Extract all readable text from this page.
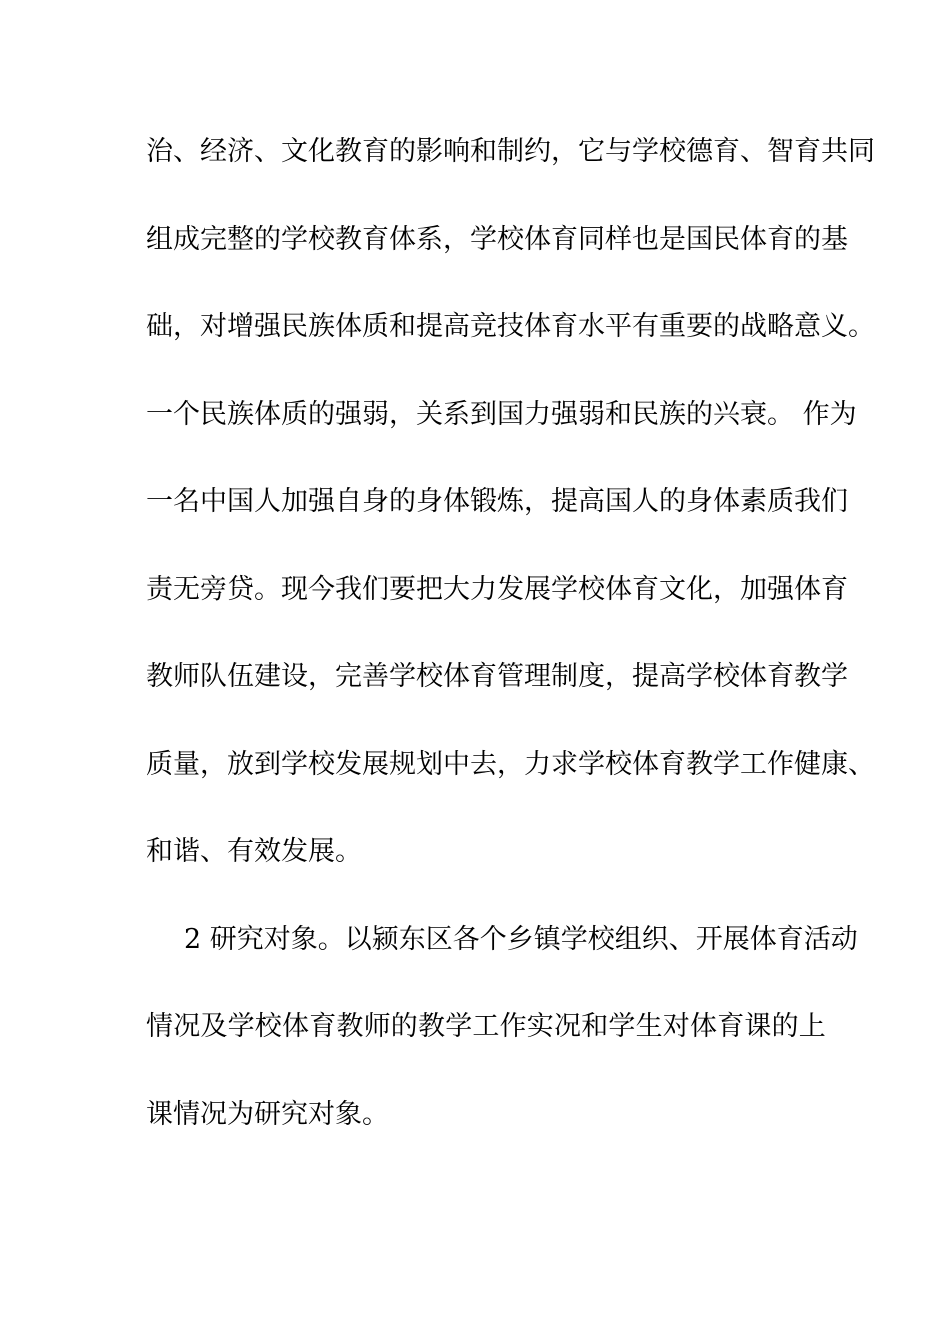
治、经济、文化教育的影响和制约，它与学校德育、智育共同
组成完整的学校教育体系，学校体育同样也是国民体育的基
础，对增强民族体质和提高竞技体育水平有重要的战略意义。
一个民族体质的强弱，关系到国力强弱和民族的兴衰。 作为
一名中国人加强自身的身体锻炼，提高国人的身体素质我们
责无旁贷。现今我们要把大力发展学校体育文化，加强体育
教师队伍建设，完善学校体育管理制度，提高学校体育教学
质量，放到学校发展规划中去，力求学校体育教学工作健康、
和谐、有效发展。
2 研究对象。以颍东区各个乡镇学校组织、开展体育活动
情况及学校体育教师的教学工作实况和学生对体育课的上
课情况为研究对象。
